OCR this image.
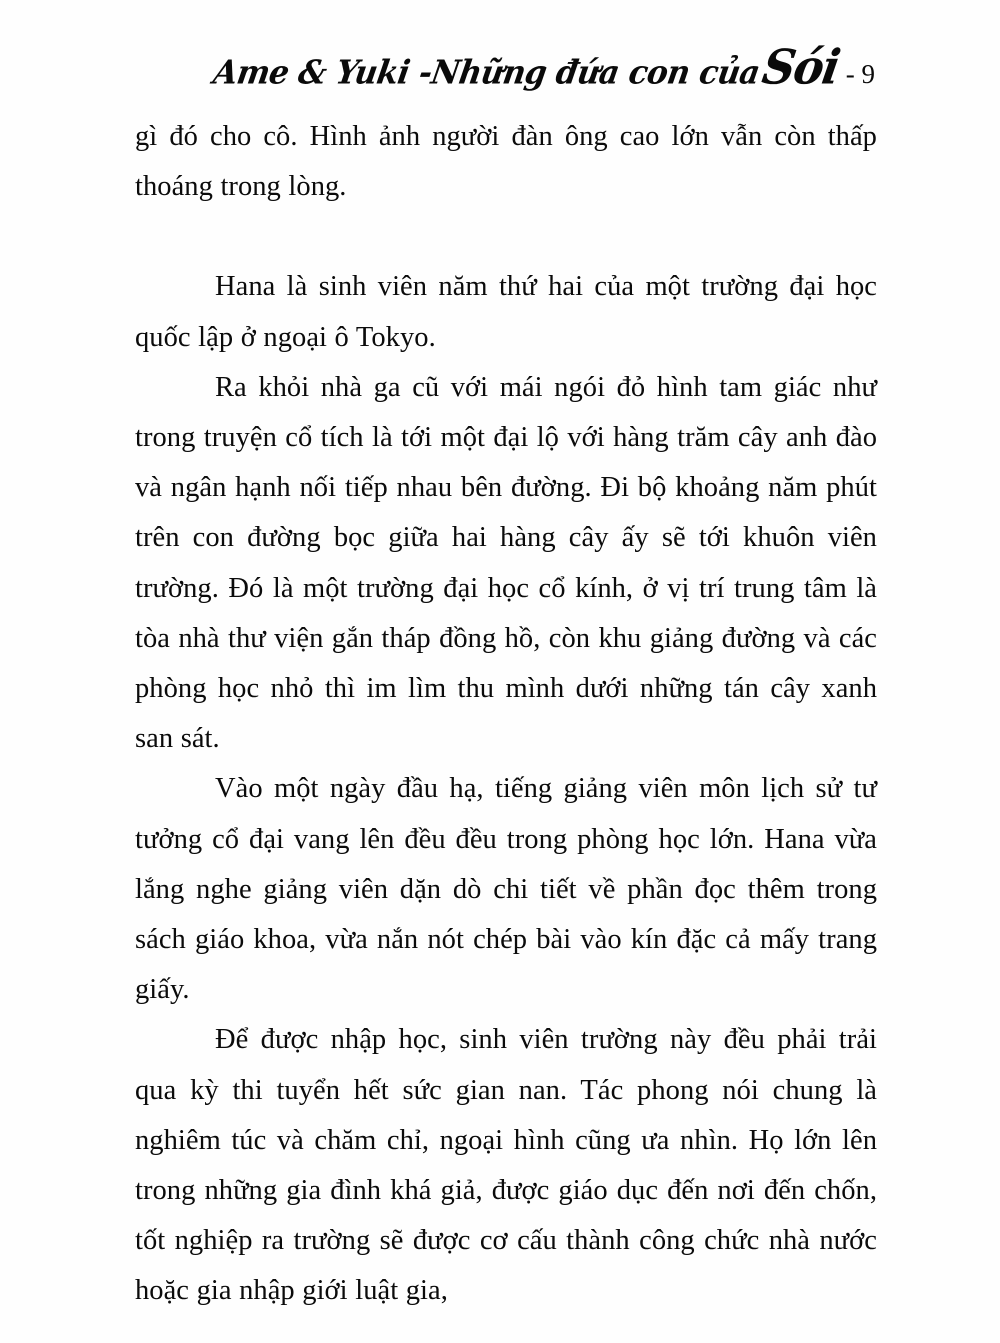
Ame & Yuki -Những đứa con củaSói - 9

gì đó cho cô. Hình ảnh người đàn ông cao lớn vẫn còn thấp thoáng trong lòng.

Hana là sinh viên năm thứ hai của một trường đại học quốc lập ở ngoại ô Tokyo.

Ra khỏi nhà ga cũ với mái ngói đỏ hình tam giác như trong truyện cổ tích là tới một đại lộ với hàng trăm cây anh đào và ngân hạnh nối tiếp nhau bên đường. Đi bộ khoảng năm phút trên con đường bọc giữa hai hàng cây ấy sẽ tới khuôn viên trường. Đó là một trường đại học cổ kính, ở vị trí trung tâm là tòa nhà thư viện gắn tháp đồng hồ, còn khu giảng đường và các phòng học nhỏ thì im lìm thu mình dưới những tán cây xanh san sát.

Vào một ngày đầu hạ, tiếng giảng viên môn lịch sử tư tưởng cổ đại vang lên đều đều trong phòng học lớn. Hana vừa lắng nghe giảng viên dặn dò chi tiết về phần đọc thêm trong sách giáo khoa, vừa nắn nót chép bài vào kín đặc cả mấy trang giấy.

Để được nhập học, sinh viên trường này đều phải trải qua kỳ thi tuyển hết sức gian nan. Tác phong nói chung là nghiêm túc và chăm chỉ, ngoại hình cũng ưa nhìn. Họ lớn lên trong những gia đình khá giả, được giáo dục đến nơi đến chốn, tốt nghiệp ra trường sẽ được cơ cấu thành công chức nhà nước hoặc gia nhập giới luật gia,
